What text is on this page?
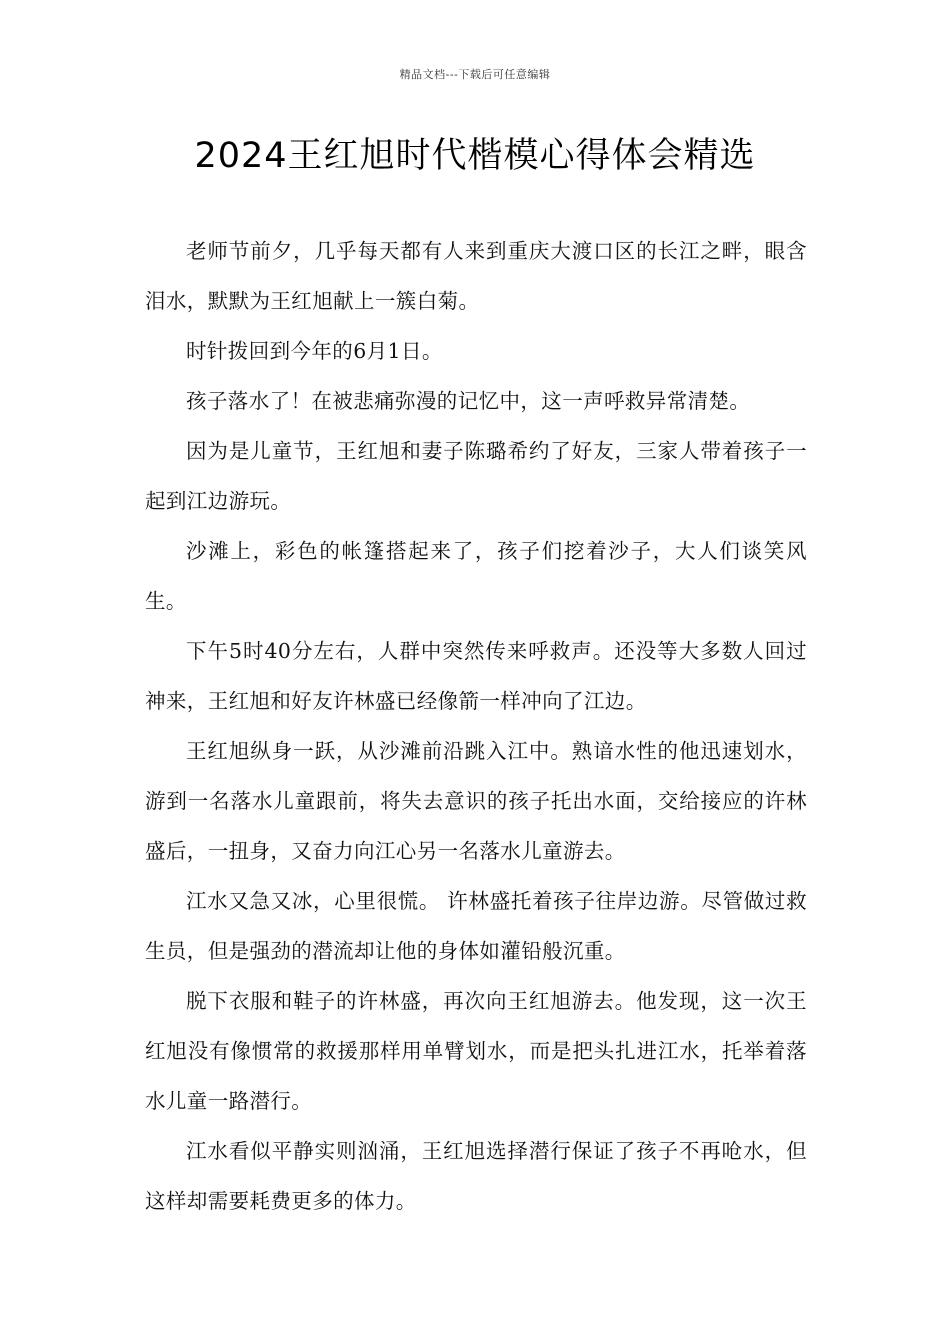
精品文档---下载后可任意编辑
2024王红旭时代楷模心得体会精选

老师节前夕，几乎每天都有人来到重庆大渡口区的长江之畔，眼含泪水，默默为王红旭献上一簇白菊。

时针拨回到今年的6月1日。

孩子落水了！在被悲痛弥漫的记忆中，这一声呼救异常清楚。

因为是儿童节，王红旭和妻子陈璐希约了好友，三家人带着孩子一起到江边游玩。

沙滩上，彩色的帐篷搭起来了，孩子们挖着沙子，大人们谈笑风生。

下午5时40分左右，人群中突然传来呼救声。还没等大多数人回过神来，王红旭和好友许林盛已经像箭一样冲向了江边。

王红旭纵身一跃，从沙滩前沿跳入江中。熟谙水性的他迅速划水，游到一名落水儿童跟前，将失去意识的孩子托出水面，交给接应的许林盛后，一扭身，又奋力向江心另一名落水儿童游去。

江水又急又冰，心里很慌。 许林盛托着孩子往岸边游。尽管做过救生员，但是强劲的潜流却让他的身体如灌铅般沉重。

脱下衣服和鞋子的许林盛，再次向王红旭游去。他发现，这一次王红旭没有像惯常的救援那样用单臂划水，而是把头扎进江水，托举着落水儿童一路潜行。

江水看似平静实则汹涌，王红旭选择潜行保证了孩子不再呛水，但这样却需要耗费更多的体力。
